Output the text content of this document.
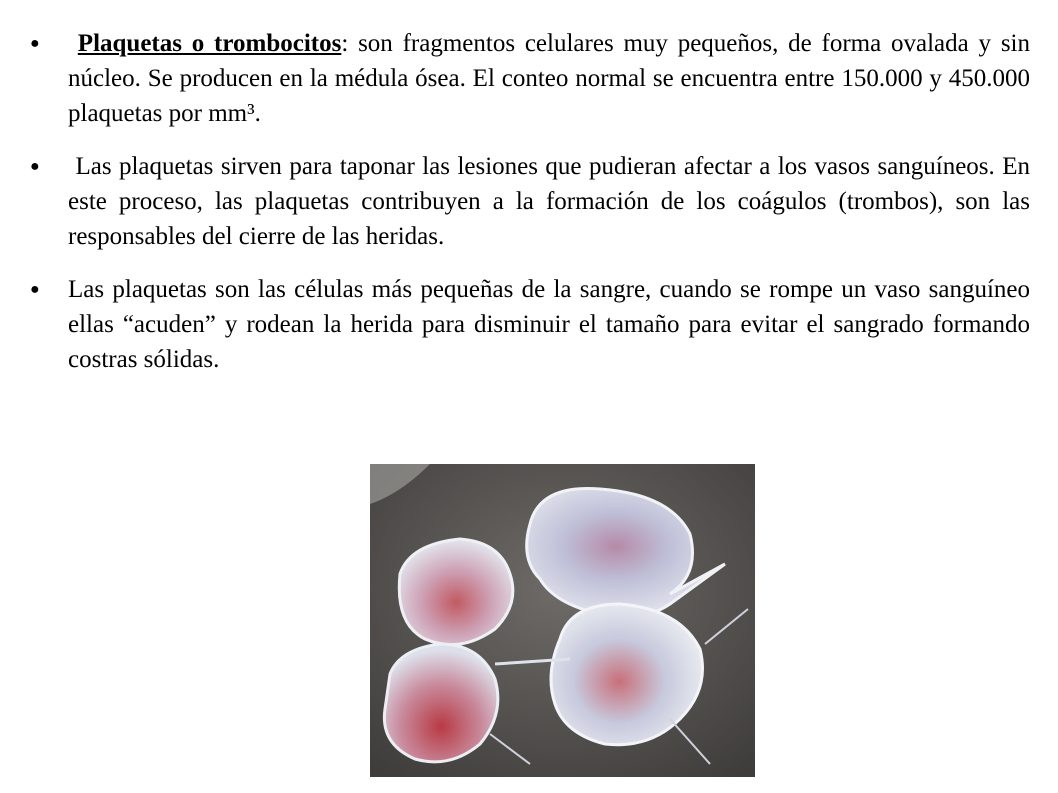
● Plaquetas o trombocitos: son fragmentos celulares muy pequeños, de forma ovalada y sin núcleo. Se producen en la médula ósea. El conteo normal se encuentra entre 150.000 y 450.000 plaquetas por mm³.
● Las plaquetas sirven para taponar las lesiones que pudieran afectar a los vasos sanguíneos. En este proceso, las plaquetas contribuyen a la formación de los coágulos (trombos), son las responsables del cierre de las heridas.
● Las plaquetas son las células más pequeñas de la sangre, cuando se rompe un vaso sanguíneo ellas “acuden” y rodean la herida para disminuir el tamaño para evitar el sangrado formando costras sólidas.
